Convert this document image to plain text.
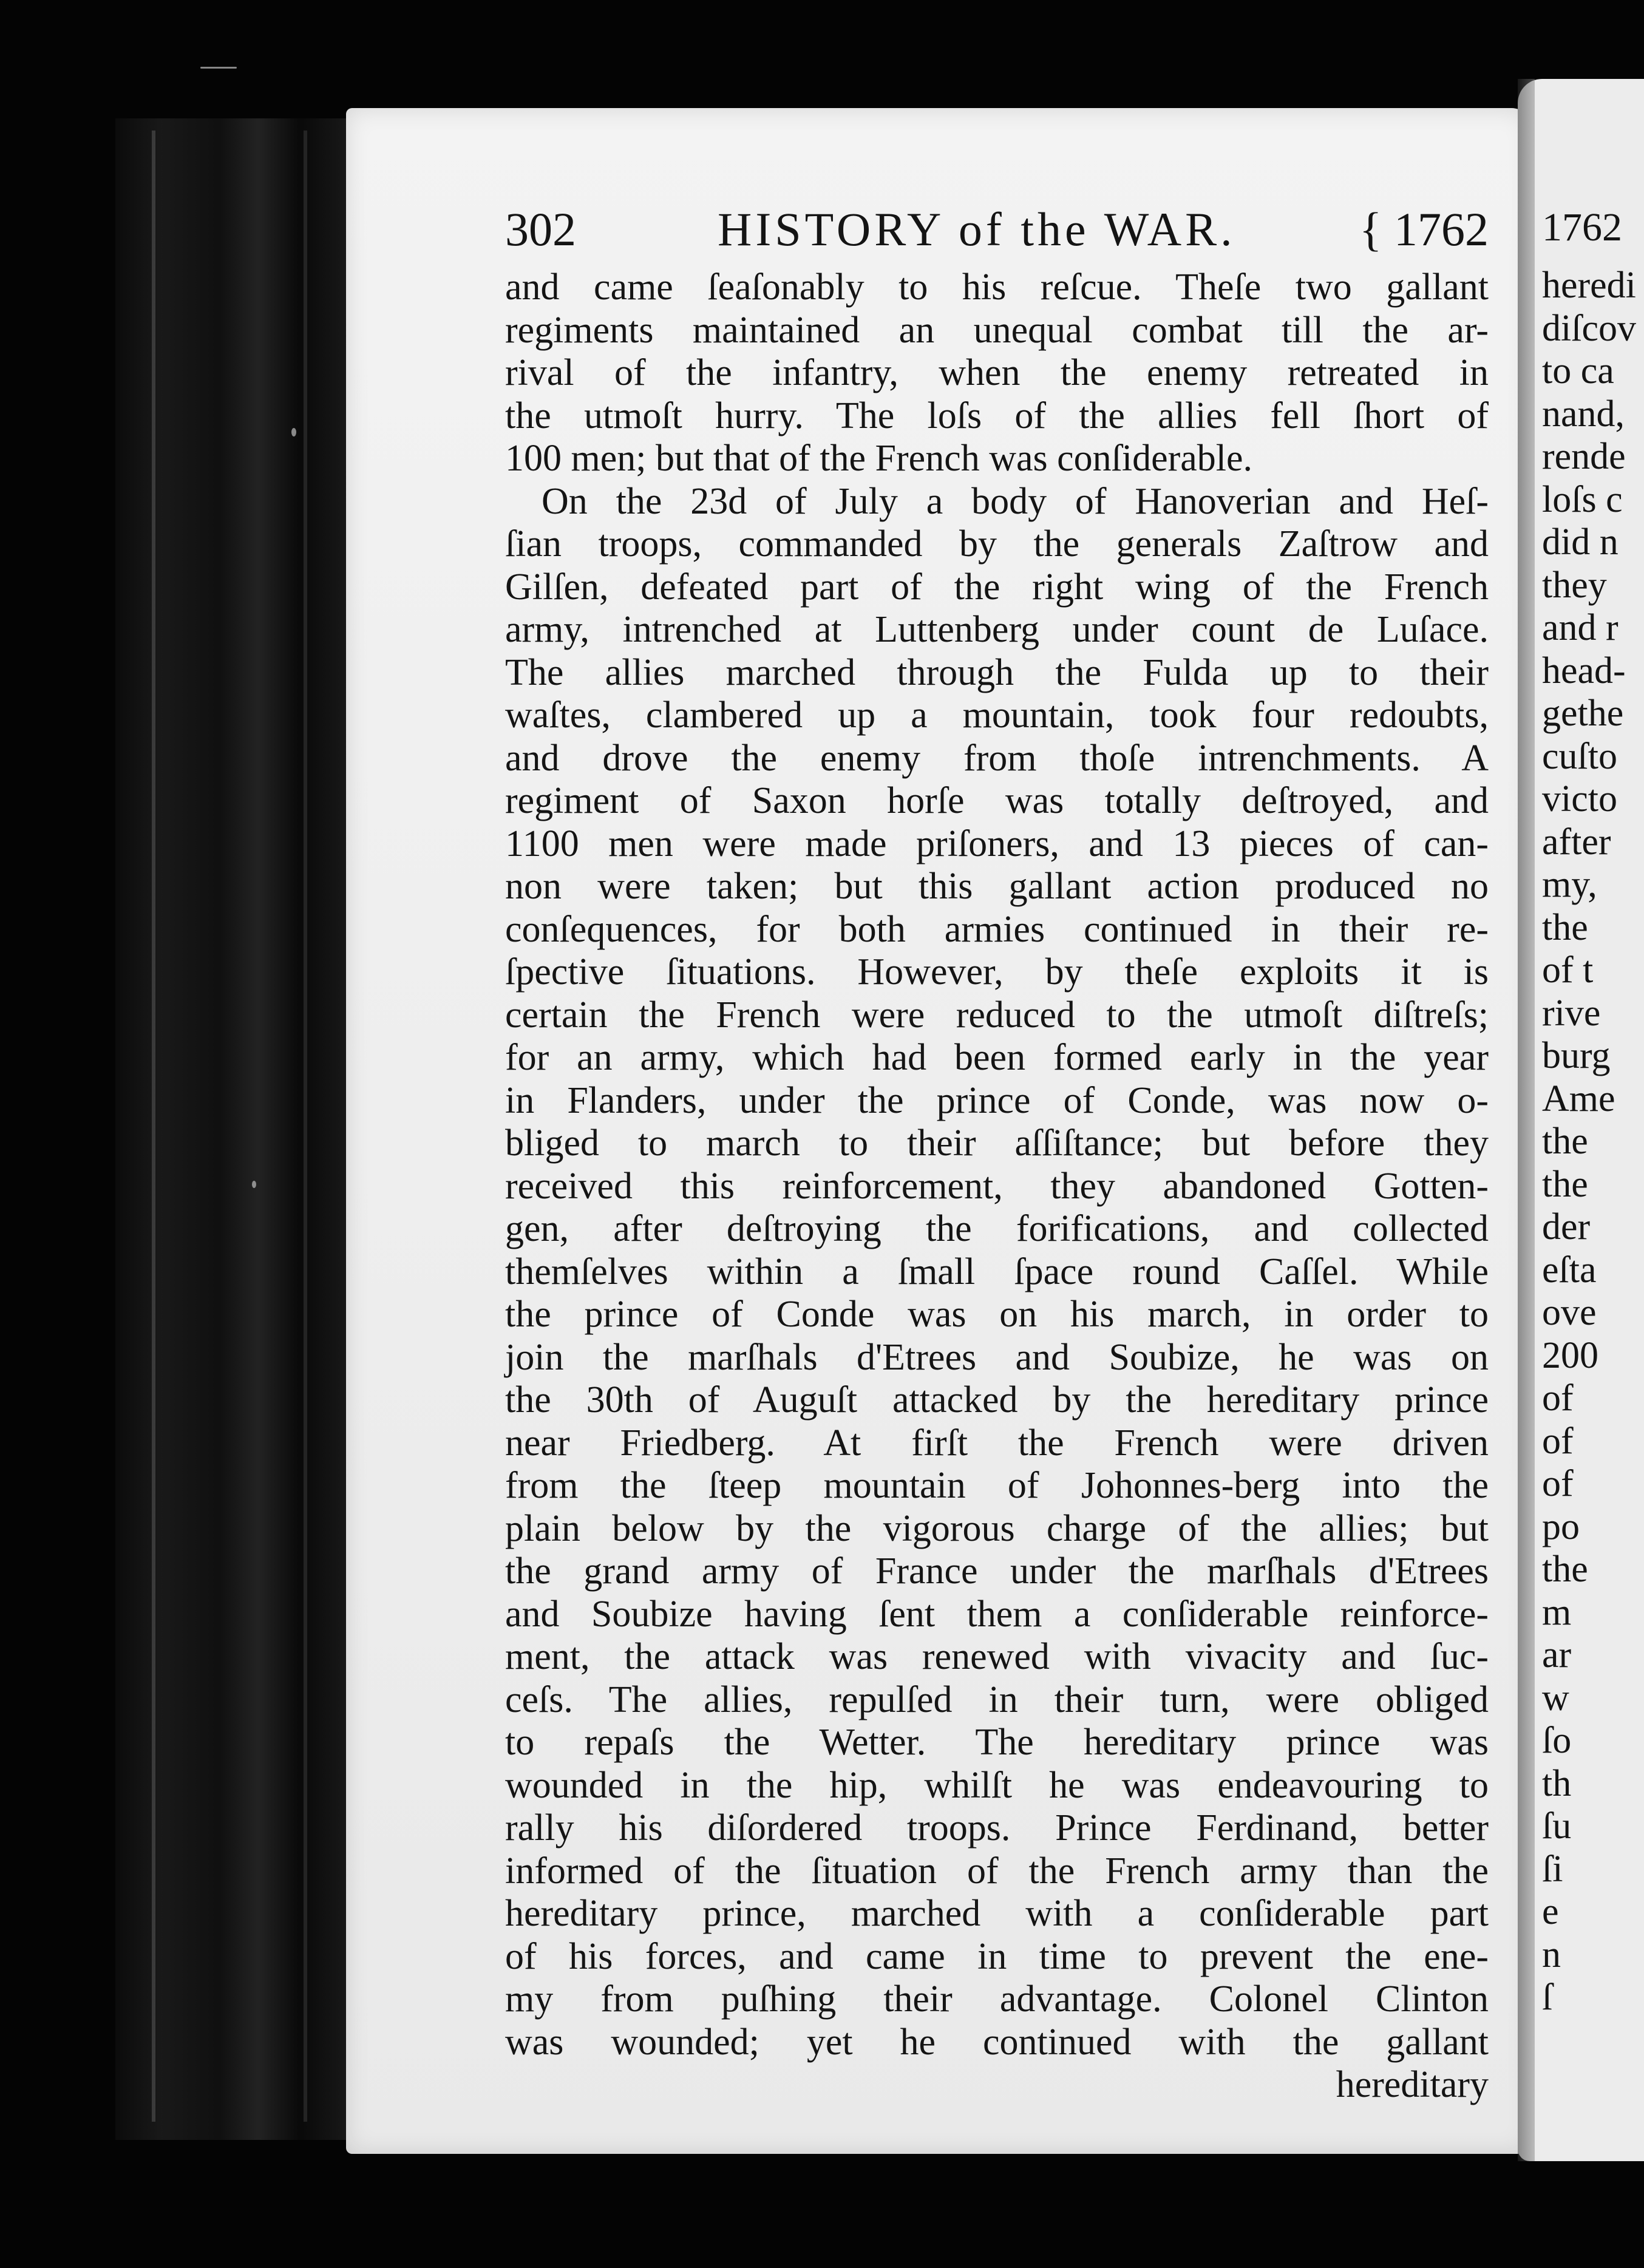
302	HISTORY of the WAR.	{ 1762
and came ſeaſonably to his reſcue. Theſe two gallant
regiments maintained an unequal combat till the ar-
rival of the infantry, when the enemy retreated in
the utmoſt hurry. The loſs of the allies fell ſhort of
100 men; but that of the French was conſiderable.
On the 23d of July a body of Hanoverian and Heſ-
ſian troops, commanded by the generals Zaſtrow and
Gilſen, defeated part of the right wing of the French
army, intrenched at Luttenberg under count de Luſace.
The allies marched through the Fulda up to their
waſtes, clambered up a mountain, took four redoubts,
and drove the enemy from thoſe intrenchments. A
regiment of Saxon horſe was totally deſtroyed, and
1100 men were made priſoners, and 13 pieces of can-
non were taken; but this gallant action produced no
conſequences, for both armies continued in their re-
ſpective ſituations. However, by theſe exploits it is
certain the French were reduced to the utmoſt diſtreſs;
for an army, which had been formed early in the year
in Flanders, under the prince of Conde, was now o-
bliged to march to their aſſiſtance; but before they
received this reinforcement, they abandoned Gotten-
gen, after deſtroying the forifications, and collected
themſelves within a ſmall ſpace round Caſſel. While
the prince of Conde was on his march, in order to
join the marſhals d'Etrees and Soubize, he was on
the 30th of Auguſt attacked by the hereditary prince
near Friedberg. At firſt the French were driven
from the ſteep mountain of Johonnes-berg into the
plain below by the vigorous charge of the allies; but
the grand army of France under the marſhals d'Etrees
and Soubize having ſent them a conſiderable reinforce-
ment, the attack was renewed with vivacity and ſuc-
ceſs. The allies, repulſed in their turn, were obliged
to repaſs the Wetter. The hereditary prince was
wounded in the hip, whilſt he was endeavouring to
rally his diſordered troops. Prince Ferdinand, better
informed of the ſituation of the French army than the
hereditary prince, marched with a conſiderable part
of his forces, and came in time to prevent the ene-
my from puſhing their advantage. Colonel Clinton
was wounded; yet he continued with the gallant
hereditary
1762
heredi
diſcov
to ca
nand,
rende
loſs c
did n
they
and r
head-
gethe
cuſto
victo
after
my,
the
of t
rive
burg
Ame
the
the
der
eſta
ove
200
of
of
of
po
the
m
ar
w
ſo
th
ſu
ſi
e
n
ſ
